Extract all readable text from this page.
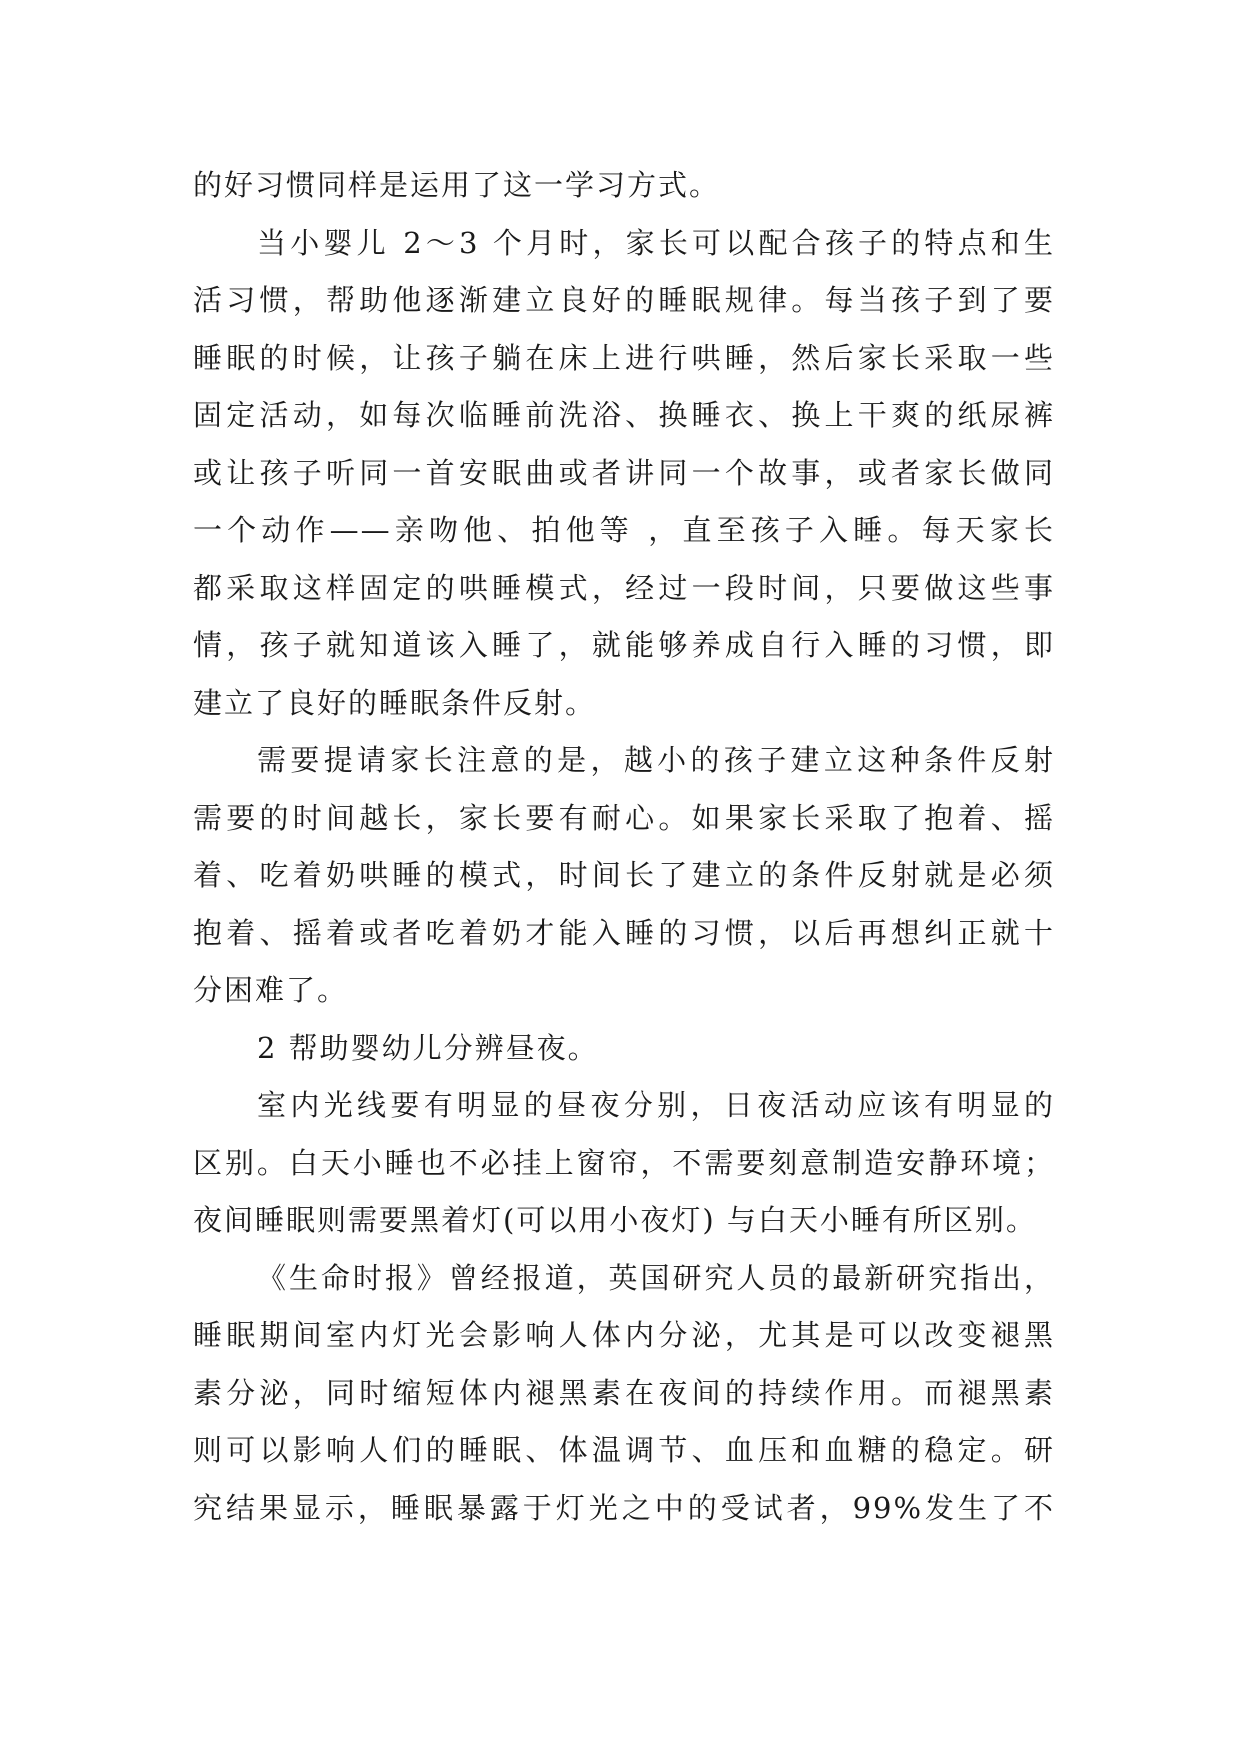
的好习惯同样是运用了这一学习方式。
当小婴儿 2～3 个月时，家长可以配合孩子的特点和生
活习惯，帮助他逐渐建立良好的睡眠规律。每当孩子到了要
睡眠的时候，让孩子躺在床上进行哄睡，然后家长采取一些
固定活动，如每次临睡前洗浴、换睡衣、换上干爽的纸尿裤
或让孩子听同一首安眠曲或者讲同一个故事，或者家长做同
一个动作——亲吻他、拍他等 ，直至孩子入睡。每天家长
都采取这样固定的哄睡模式，经过一段时间，只要做这些事
情，孩子就知道该入睡了，就能够养成自行入睡的习惯，即
建立了良好的睡眠条件反射。
需要提请家长注意的是，越小的孩子建立这种条件反射
需要的时间越长，家长要有耐心。如果家长采取了抱着、摇
着、吃着奶哄睡的模式，时间长了建立的条件反射就是必须
抱着、摇着或者吃着奶才能入睡的习惯，以后再想纠正就十
分困难了。
2 帮助婴幼儿分辨昼夜。
室内光线要有明显的昼夜分别，日夜活动应该有明显的
区别。白天小睡也不必挂上窗帘，不需要刻意制造安静环境；
夜间睡眠则需要黑着灯(可以用小夜灯) 与白天小睡有所区别。
《生命时报》曾经报道，英国研究人员的最新研究指出，
睡眠期间室内灯光会影响人体内分泌，尤其是可以改变褪黑
素分泌，同时缩短体内褪黑素在夜间的持续作用。而褪黑素
则可以影响人们的睡眠、体温调节、血压和血糖的稳定。研
究结果显示，睡眠暴露于灯光之中的受试者，99%发生了不
